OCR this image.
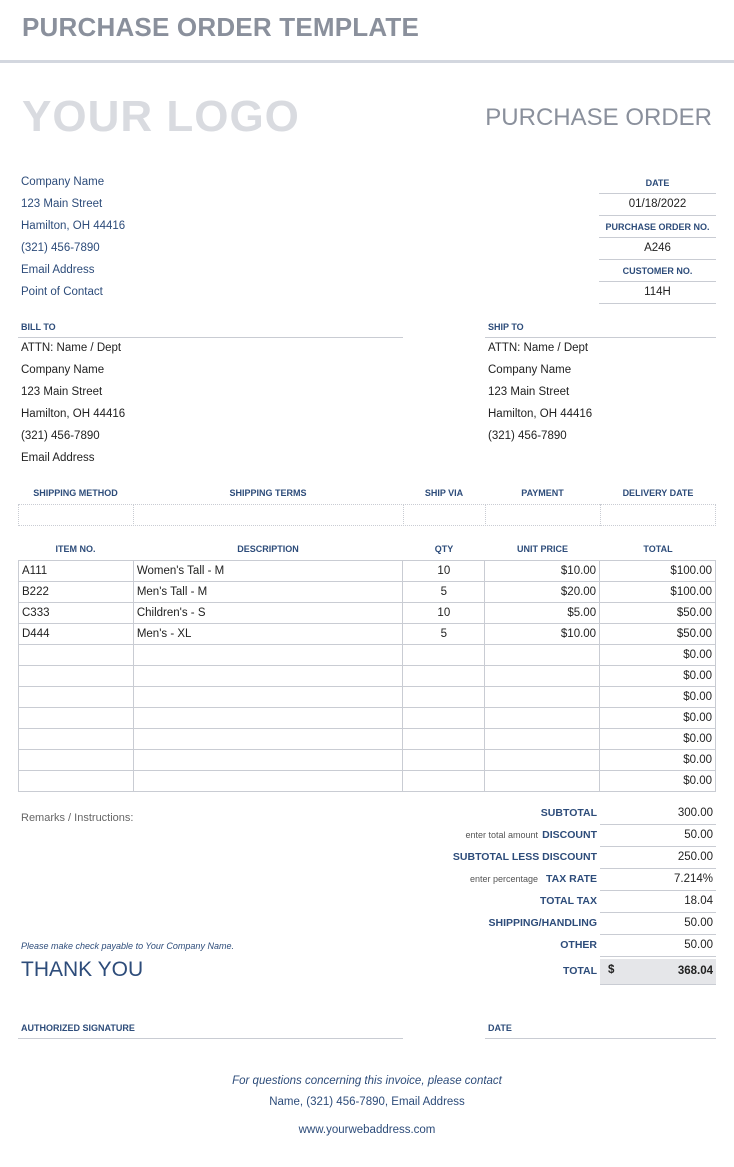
PURCHASE ORDER TEMPLATE
YOUR LOGO	PURCHASE ORDER
Company Name
123 Main Street
Hamilton, OH 44416
(321) 456-7890
Email Address
Point of Contact
DATE
01/18/2022
PURCHASE ORDER NO.
A246
CUSTOMER NO.
114H
BILL TO
ATTN: Name / Dept
Company Name
123 Main Street
Hamilton, OH 44416
(321) 456-7890
Email Address
SHIP TO
ATTN: Name / Dept
Company Name
123 Main Street
Hamilton, OH 44416
(321) 456-7890
SHIPPING METHOD	SHIPPING TERMS	SHIP VIA	PAYMENT	DELIVERY DATE
ITEM NO.	DESCRIPTION	QTY	UNIT PRICE	TOTAL
A111	Women's Tall - M	10	$10.00	$100.00
B222	Men's Tall - M	5	$20.00	$100.00
C333	Children's - S	10	$5.00	$50.00
D444	Men's - XL	5	$10.00	$50.00
				$0.00
				$0.00
				$0.00
				$0.00
				$0.00
				$0.00
				$0.00
Remarks / Instructions:	SUBTOTAL	300.00
enter total amount DISCOUNT	50.00
SUBTOTAL LESS DISCOUNT	250.00
enter percentage TAX RATE	7.214%
TOTAL TAX	18.04
SHIPPING/HANDLING	50.00
OTHER	50.00
TOTAL $	368.04
Please make check payable to Your Company Name.
THANK YOU
AUTHORIZED SIGNATURE	DATE
For questions concerning this invoice, please contact
Name, (321) 456-7890, Email Address
www.yourwebaddress.com
